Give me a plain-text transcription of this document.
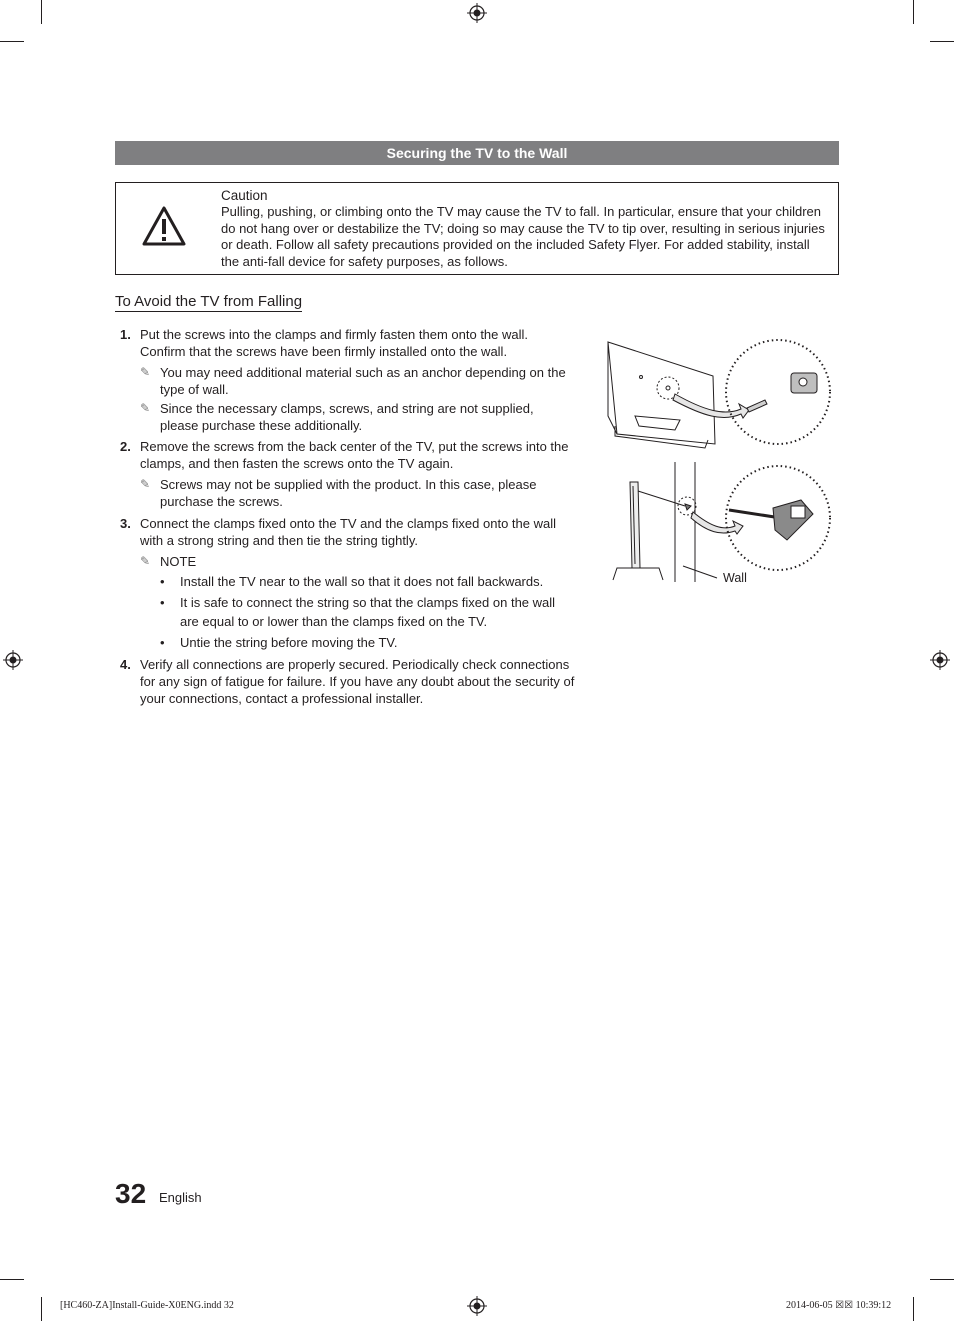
Securing the TV to the Wall
Caution
Pulling, pushing, or climbing onto the TV may cause the TV to fall. In particular, ensure that your children do not hang over or destabilize the TV; doing so may cause the TV to tip over, resulting in serious injuries or death. Follow all safety precautions provided on the included Safety Flyer. For added stability, install the anti-fall device for safety purposes, as follows.
To Avoid the TV from Falling
1. Put the screws into the clamps and firmly fasten them onto the wall. Confirm that the screws have been firmly installed onto the wall.
✎ You may need additional material such as an anchor depending on the type of wall.
✎ Since the necessary clamps, screws, and string are not supplied, please purchase these additionally.
2. Remove the screws from the back center of the TV, put the screws into the clamps, and then fasten the screws onto the TV again.
✎ Screws may not be supplied with the product. In this case, please purchase the screws.
3. Connect the clamps fixed onto the TV and the clamps fixed onto the wall with a strong string and then tie the string tightly.
✎ NOTE
• Install the TV near to the wall so that it does not fall backwards.
• It is safe to connect the string so that the clamps fixed on the wall are equal to or lower than the clamps fixed on the TV.
• Untie the string before moving the TV.
4. Verify all connections are properly secured. Periodically check connections for any sign of fatigue for failure. If you have any doubt about the security of your connections, contact a professional installer.
Wall
32 English
[HC460-ZA]Install-Guide-X0ENG.indd 32	2014-06-05 ☒☒ 10:39:12
